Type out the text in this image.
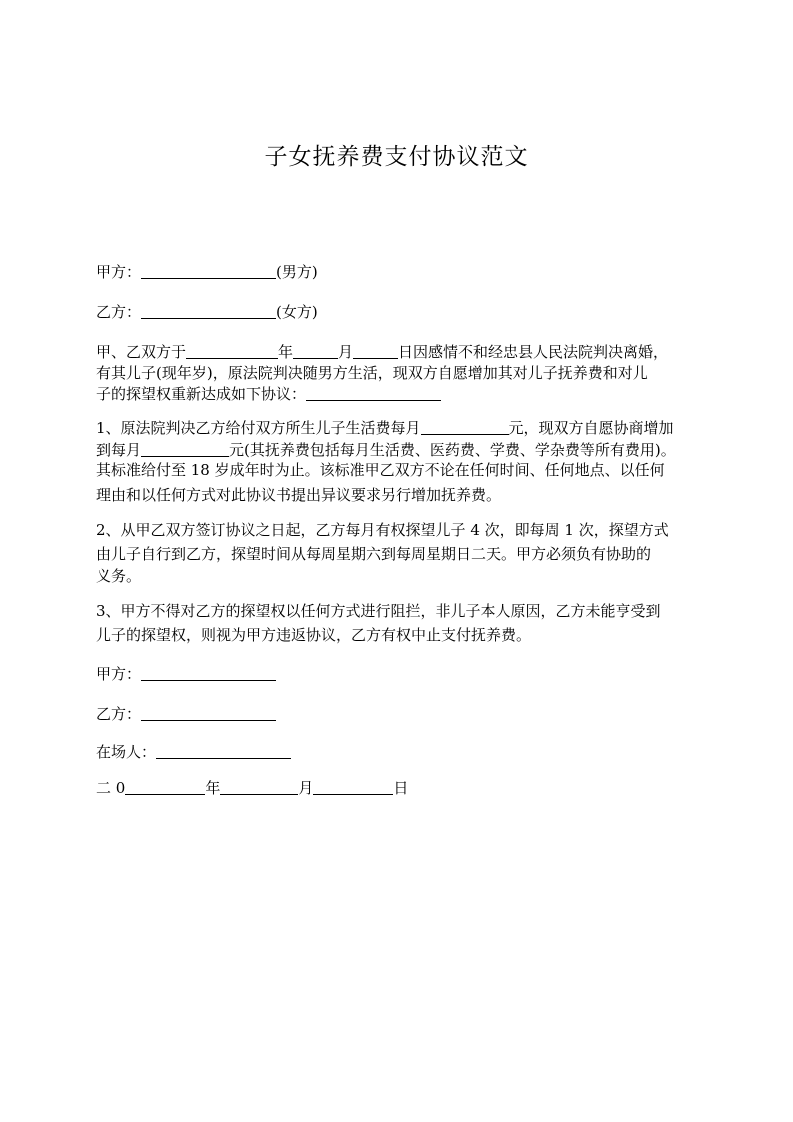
子女抚养费支付协议范文
甲方：	(男方)
乙方：	(女方)
甲、乙双方于	年	月	日因感情不和经忠县人民法院判决离婚，
有其儿子(现年岁)，原法院判决随男方生活，现双方自愿增加其对儿子抚养费和对儿
子的探望权重新达成如下协议：
1、原法院判决乙方给付双方所生儿子生活费每月	元，现双方自愿协商增加
到每月	元(其抚养费包括每月生活费、医药费、学费、学杂费等所有费用)。
其标准给付至 18 岁成年时为止。该标准甲乙双方不论在任何时间、任何地点、以任何
理由和以任何方式对此协议书提出异议要求另行增加抚养费。
2、从甲乙双方签订协议之日起，乙方每月有权探望儿子 4 次，即每周 1 次，探望方式
由儿子自行到乙方，探望时间从每周星期六到每周星期日二天。甲方必须负有协助的
义务。
3、甲方不得对乙方的探望权以任何方式进行阻拦，非儿子本人原因，乙方未能亨受到
儿子的探望权，则视为甲方违返协议，乙方有权中止支付抚养费。
甲方：
乙方：
在场人：
二 0	年	月	日
